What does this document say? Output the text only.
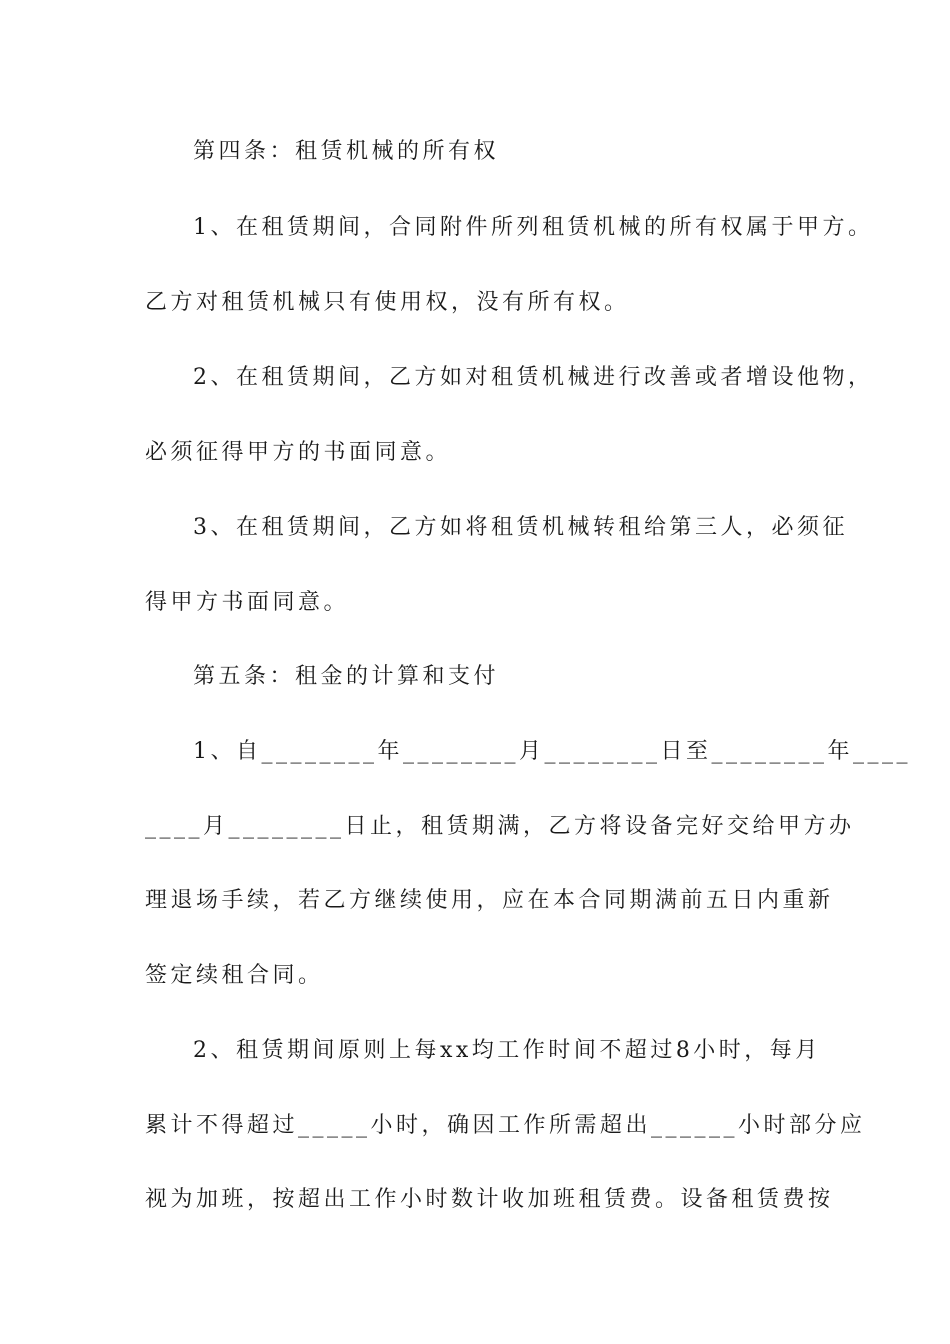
第四条：租赁机械的所有权
1、在租赁期间，合同附件所列租赁机械的所有权属于甲方。
乙方对租赁机械只有使用权，没有所有权。
2、在租赁期间，乙方如对租赁机械进行改善或者增设他物，
必须征得甲方的书面同意。
3、在租赁期间，乙方如将租赁机械转租给第三人，必须征
得甲方书面同意。
第五条：租金的计算和支付
1、自________年________月________日至________年____
____月________日止，租赁期满，乙方将设备完好交给甲方办
理退场手续，若乙方继续使用，应在本合同期满前五日内重新
签定续租合同。
2、租赁期间原则上每xx均工作时间不超过8小时，每月
累计不得超过_____小时，确因工作所需超出______小时部分应
视为加班，按超出工作小时数计收加班租赁费。设备租赁费按
